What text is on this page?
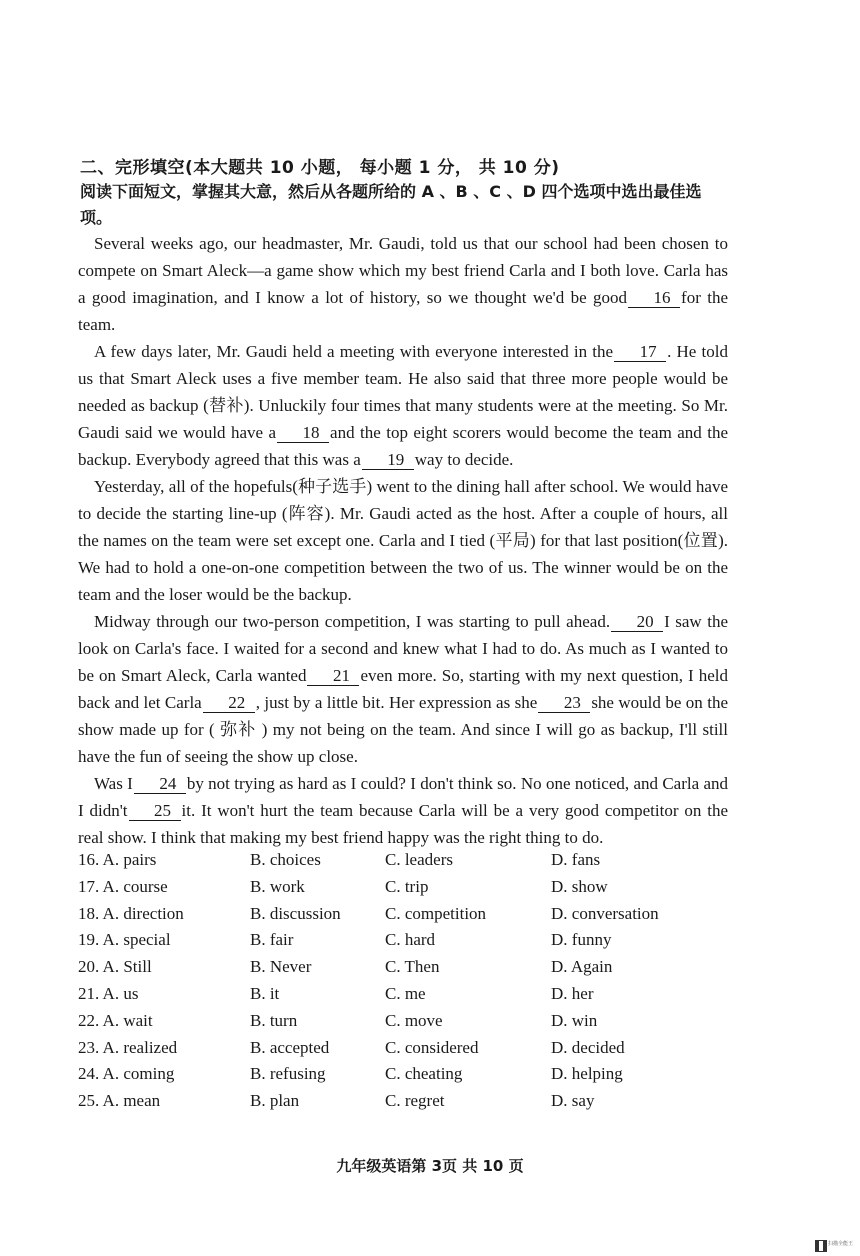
二、完形填空(本大题共 10 小题， 每小题 1 分， 共 10 分)
阅读下面短文，掌握其大意，然后从各题所给的 A 、B 、C 、D 四个选项中选出最佳选项。

Several weeks ago, our headmaster, Mr. Gaudi, told us that our school had been chosen to compete on Smart Aleck—a game show which my best friend Carla and I both love. Carla has a good imagination, and I know a lot of history, so we thought we'd be good 16 for the team.

A few days later, Mr. Gaudi held a meeting with everyone interested in the 17 . He told us that Smart Aleck uses a five member team. He also said that three more people would be needed as backup (替补). Unluckily four times that many students were at the meeting. So Mr. Gaudi said we would have a 18 and the top eight scorers would become the team and the backup. Everybody agreed that this was a 19 way to decide.

Yesterday, all of the hopefuls(种子选手) went to the dining hall after school. We would have to decide the starting line-up (阵容). Mr. Gaudi acted as the host. After a couple of hours, all the names on the team were set except one. Carla and I tied (平局) for that last position(位置). We had to hold a one-on-one competition between the two of us. The winner would be on the team and the loser would be the backup.

Midway through our two-person competition, I was starting to pull ahead. 20 I saw the look on Carla's face. I waited for a second and knew what I had to do. As much as I wanted to be on Smart Aleck, Carla wanted 21 even more. So, starting with my next question, I held back and let Carla 22 , just by a little bit. Her expression as she 23 she would be on the show made up for ( 弥补 ) my not being on the team. And since I will go as backup, I'll still have the fun of seeing the show up close.

Was I 24 by not trying as hard as I could? I don't think so. No one noticed, and Carla and I didn't 25 it. It won't hurt the team because Carla will be a very good competitor on the real show. I think that making my best friend happy was the right thing to do.

16. A. pairs	B. choices	C. leaders	D. fans
17. A. course	B. work	C. trip	D. show
18. A. direction	B. discussion	C. competition	D. conversation
19. A. special	B. fair	C. hard	D. funny
20. A. Still	B. Never	C. Then	D. Again
21. A. us	B. it	C. me	D. her
22. A. wait	B. turn	C. move	D. win
23. A. realized	B. accepted	C. considered	D. decided
24. A. coming	B. refusing	C. cheating	D. helping
25. A. mean	B. plan	C. regret	D. say
九年级英语第 3页 共 10 页
扫描全能王
